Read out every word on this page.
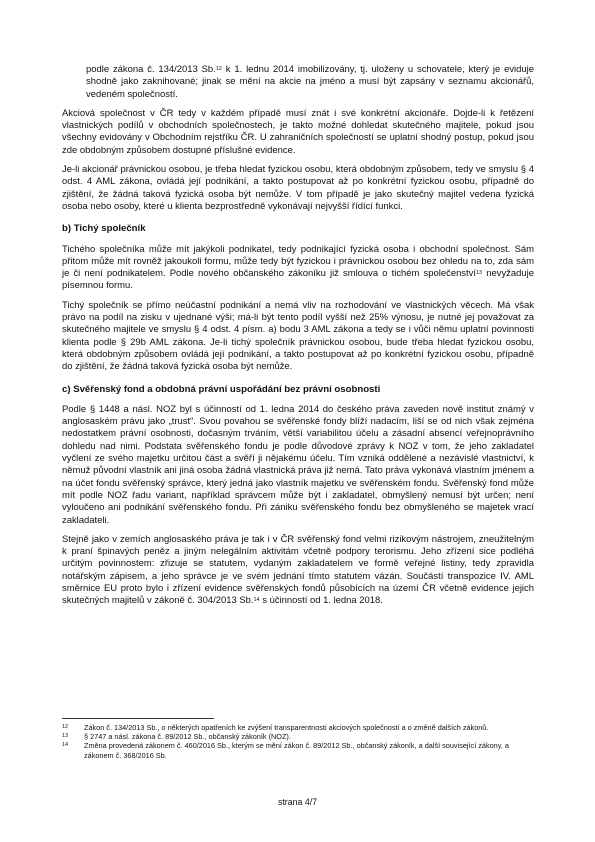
podle zákona č. 134/2013 Sb.$^{12}$ k 1. lednu 2014 imobilizovány, tj. uloženy u schovatele, který je eviduje shodně jako zaknihované; jinak se mění na akcie na jméno a musí být zapsány v seznamu akcionářů, vedeném společností.

Akciová společnost v ČR tedy v každém případě musí znát i své konkrétní akcionáře. Dojde-li k řetězení vlastnických podílů v obchodních společnostech, je takto možné dohledat skutečného majitele, pokud jsou všechny evidovány v Obchodním rejstříku ČR. U zahraničních společností se uplatní shodný postup, pokud jsou zde obdobným způsobem dostupné příslušné evidence.

Je-li akcionář právnickou osobou, je třeba hledat fyzickou osobu, která obdobným způsobem, tedy ve smyslu § 4 odst. 4 AML zákona, ovládá její podnikání, a takto postupovat až po konkrétní fyzickou osobu, případně do zjištění, že žádná taková fyzická osoba být nemůže. V tom případě je jako skutečný majitel vedena fyzická osoba nebo osoby, které u klienta bezprostředně vykonávají nejvyšší řídící funkci.

b) Tichý společník

Tichého společníka může mít jakýkoli podnikatel, tedy podnikající fyzická osoba i obchodní společnost. Sám přitom může mít rovněž jakoukoli formu, může tedy být fyzickou i právnickou osobou bez ohledu na to, zda sám je či není podnikatelem. Podle nového občanského zákoníku již smlouva o tichém společenství$^{13}$ nevyžaduje písemnou formu.

Tichý společník se přímo neúčastní podnikání a nemá vliv na rozhodování ve vlastnických věcech. Má však právo na podíl na zisku v ujednané výši; má-li být tento podíl vyšší než 25% výnosu, je nutné jej považovat za skutečného majitele ve smyslu § 4 odst. 4 písm. a) bodu 3 AML zákona a tedy se i vůči němu uplatní povinnosti klienta podle § 29b AML zákona. Je-li tichý společník právnickou osobou, bude třeba hledat fyzickou osobu, která obdobným způsobem ovládá její podnikání, a takto postupovat až po konkrétní fyzickou osobu, případně do zjištění, že žádná taková fyzická osoba být nemůže.

c) Svěřenský fond a obdobná právní uspořádání bez právní osobnosti

Podle § 1448 a násl. NOZ byl s účinností od 1. ledna 2014 do českého práva zaveden nově institut známý v anglosaském právu jako „trust“. Svou povahou se svěřenské fondy blíží nadacím, liší se od nich však zejména nedostatkem právní osobnosti, dočasným trváním, větší variabilitou účelu a zásadní absencí veřejnoprávního dohledu nad nimi. Podstata svěřenského fondu je podle důvodové zprávy k NOZ v tom, že jeho zakladatel vyčlení ze svého majetku určitou část a svěří ji nějakému účelu. Tím vzniká oddělené a nezávislé vlastnictví, k němuž původní vlastník ani jiná osoba žádná vlastnická práva již nemá. Tato práva vykonává vlastním jménem a na účet fondu svěřenský správce, který jedná jako vlastník majetku ve svěřenském fondu. Svěřenský fond může mít podle NOZ řadu variant, například správcem může být i zakladatel, obmyšlený nemusí být určen; není vyloučeno ani podnikání svěřenského fondu. Při zániku svěřenského fondu bez obmyšleného se majetek vrací zakladateli.

Stejně jako v zemích anglosaského práva je tak i v ČR svěřenský fond velmi rizikovým nástrojem, zneužitelným k praní špinavých peněz a jiným nelegálním aktivitám včetně podpory terorismu. Jeho zřízení sice podléhá určitým povinnostem: zřizuje se statutem, vydaným zakladatelem ve formě veřejné listiny, tedy zpravidla notářským zápisem, a jeho správce je ve svém jednání tímto statutem vázán. Součástí transpozice IV. AML směrnice EU proto bylo i zřízení evidence svěřenských fondů působících na území ČR včetně evidence jejich skutečných majitelů v zákoně č. 304/2013 Sb.$^{14}$ s účinností od 1. ledna 2018.

12	Zákon č. 134/2013 Sb., o některých opatřeních ke zvýšení transparentnosti akciových společností a o změně dalších zákonů.
13	§ 2747 a násl. zákona č. 89/2012 Sb., občanský zákoník (NOZ).
14	Změna provedená zákonem č. 460/2016 Sb., kterým se mění zákon č. 89/2012 Sb., občanský zákoník, a další související zákony, a zákonem č. 368/2016 Sb.
strana 4/7
